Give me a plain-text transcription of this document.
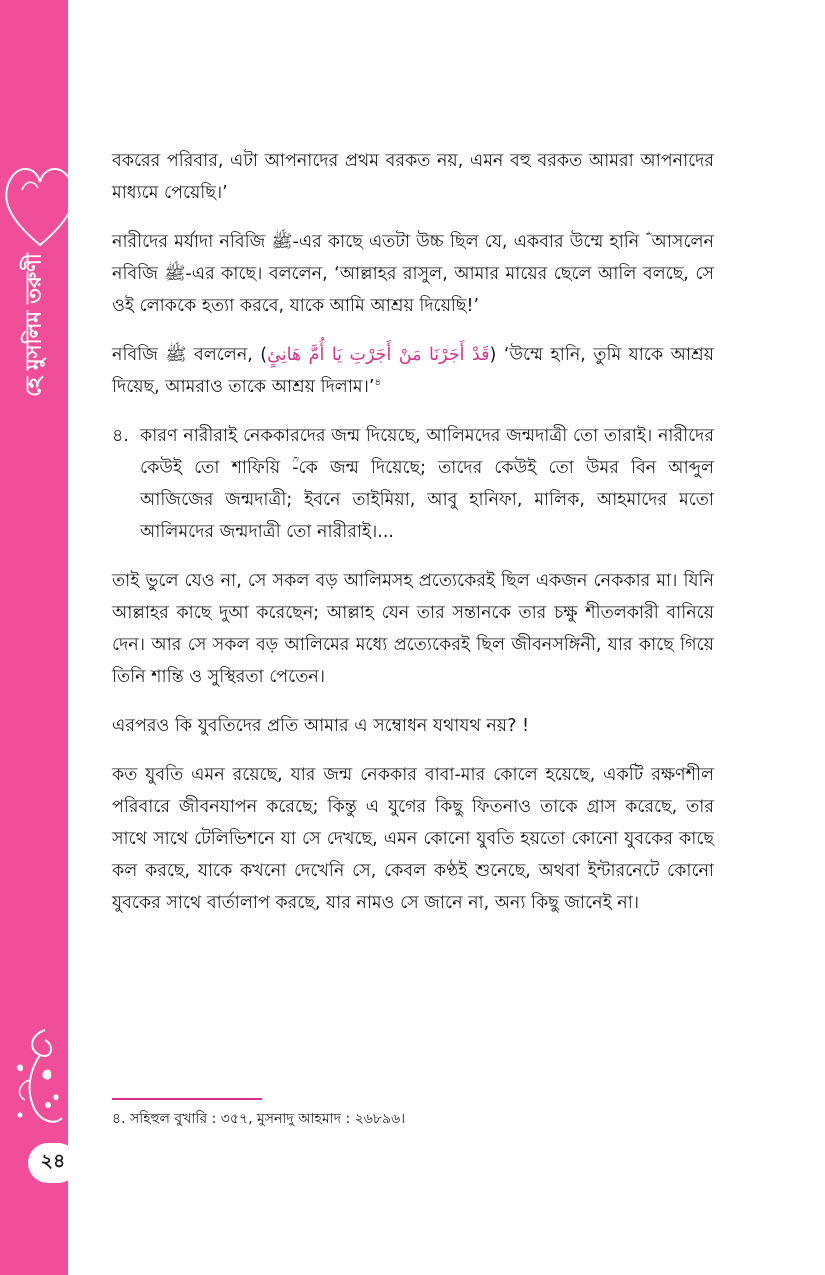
হে মুসলিম তরুণী
২৪

বকরের পরিবার, এটা আপনাদের প্রথম বরকত নয়, এমন বহু বরকত আমরা আপনাদের মাধ্যমে পেয়েছি।’

নারীদের মর্যাদা নবিজি ﷺ-এর কাছে এতটা উচ্চ ছিল যে, একবার উম্মে হানি ؓ আসলেন নবিজি ﷺ-এর কাছে। বললেন, ‘আল্লাহর রাসুল, আমার মায়ের ছেলে আলি বলছে, সে ওই লোককে হত্যা করবে, যাকে আমি আশ্রয় দিয়েছি!’

নবিজি ﷺ বললেন, (قَدْ أَجَرْنَا مَنْ أَجَرْتِ يَا أُمَّ هَانِئٍ) ‘উম্মে হানি, তুমি যাকে আশ্রয় দিয়েছ, আমরাও তাকে আশ্রয় দিলাম।’$^৪$

৪. কারণ নারীরাই নেককারদের জন্ম দিয়েছে, আলিমদের জন্মদাত্রী তো তারাই। নারীদের কেউই তো শাফিয়ি ؒ-কে জন্ম দিয়েছে; তাদের কেউই তো উমর বিন আব্দুল আজিজের জন্মদাত্রী; ইবনে তাইমিয়া, আবু হানিফা, মালিক, আহমাদের মতো আলিমদের জন্মদাত্রী তো নারীরাই।...

তাই ভুলে যেও না, সে সকল বড় আলিমসহ প্রত্যেকেরই ছিল একজন নেককার মা। যিনি আল্লাহর কাছে দুআ করেছেন; আল্লাহ যেন তার সন্তানকে তার চক্ষু শীতলকারী বানিয়ে দেন। আর সে সকল বড় আলিমের মধ্যে প্রত্যেকেরই ছিল জীবনসঙ্গিনী, যার কাছে গিয়ে তিনি শান্তি ও সুস্থিরতা পেতেন।

এরপরও কি যুবতিদের প্রতি আমার এ সম্বোধন যথাযথ নয়? !

কত যুবতি এমন রয়েছে, যার জন্ম নেককার বাবা-মার কোলে হয়েছে, একটি রক্ষণশীল পরিবারে জীবনযাপন করেছে; কিন্তু এ যুগের কিছু ফিতনাও তাকে গ্রাস করেছে, তার সাথে সাথে টেলিভিশনে যা সে দেখছে, এমন কোনো যুবতি হয়তো কোনো যুবকের কাছে কল করছে, যাকে কখনো দেখেনি সে, কেবল কণ্ঠই শুনেছে, অথবা ইন্টারনেটে কোনো যুবকের সাথে বার্তালাপ করছে, যার নামও সে জানে না, অন্য কিছু জানেই না।

৪. সহিহুল বুখারি : ৩৫৭, মুসনাদু আহমাদ : ২৬৮৯৬।
